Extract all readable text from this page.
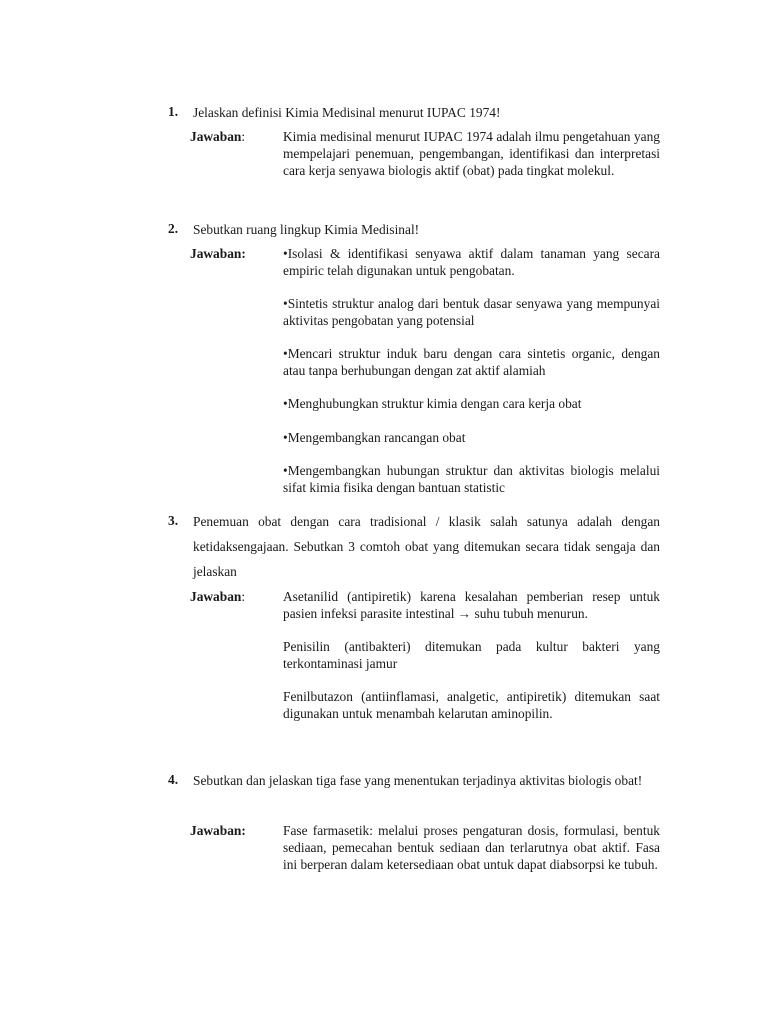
1. Jelaskan definisi Kimia Medisinal menurut IUPAC 1974!
Jawaban:	Kimia medisinal menurut IUPAC 1974 adalah ilmu pengetahuan yang mempelajari penemuan, pengembangan, identifikasi dan interpretasi cara kerja senyawa biologis aktif (obat) pada tingkat molekul.
2. Sebutkan ruang lingkup Kimia Medisinal!
Jawaban:	•Isolasi & identifikasi senyawa aktif dalam tanaman yang secara empiric telah digunakan untuk pengobatan.
•Sintetis struktur analog dari bentuk dasar senyawa yang mempunyai aktivitas pengobatan yang potensial
•Mencari struktur induk baru dengan cara sintetis organic, dengan atau tanpa berhubungan dengan zat aktif alamiah
•Menghubungkan struktur kimia dengan cara kerja obat
•Mengembangkan rancangan obat
•Mengembangkan hubungan struktur dan aktivitas biologis melalui sifat kimia fisika dengan bantuan statistic
3. Penemuan obat dengan cara tradisional / klasik salah satunya adalah dengan ketidaksengajaan. Sebutkan 3 comtoh obat yang ditemukan secara tidak sengaja dan jelaskan
Jawaban:	Asetanilid (antipiretik) karena kesalahan pemberian resep untuk pasien infeksi parasite intestinal → suhu tubuh menurun.
Penisilin (antibakteri) ditemukan pada kultur bakteri yang terkontaminasi jamur
Fenilbutazon (antiinflamasi, analgetic, antipiretik) ditemukan saat digunakan untuk menambah kelarutan aminopilin.
4. Sebutkan dan jelaskan tiga fase yang menentukan terjadinya aktivitas biologis obat!
Jawaban:	Fase farmasetik: melalui proses pengaturan dosis, formulasi, bentuk sediaan, pemecahan bentuk sediaan dan terlarutnya obat aktif. Fasa ini berperan dalam ketersediaan obat untuk dapat diabsorpsi ke tubuh.
